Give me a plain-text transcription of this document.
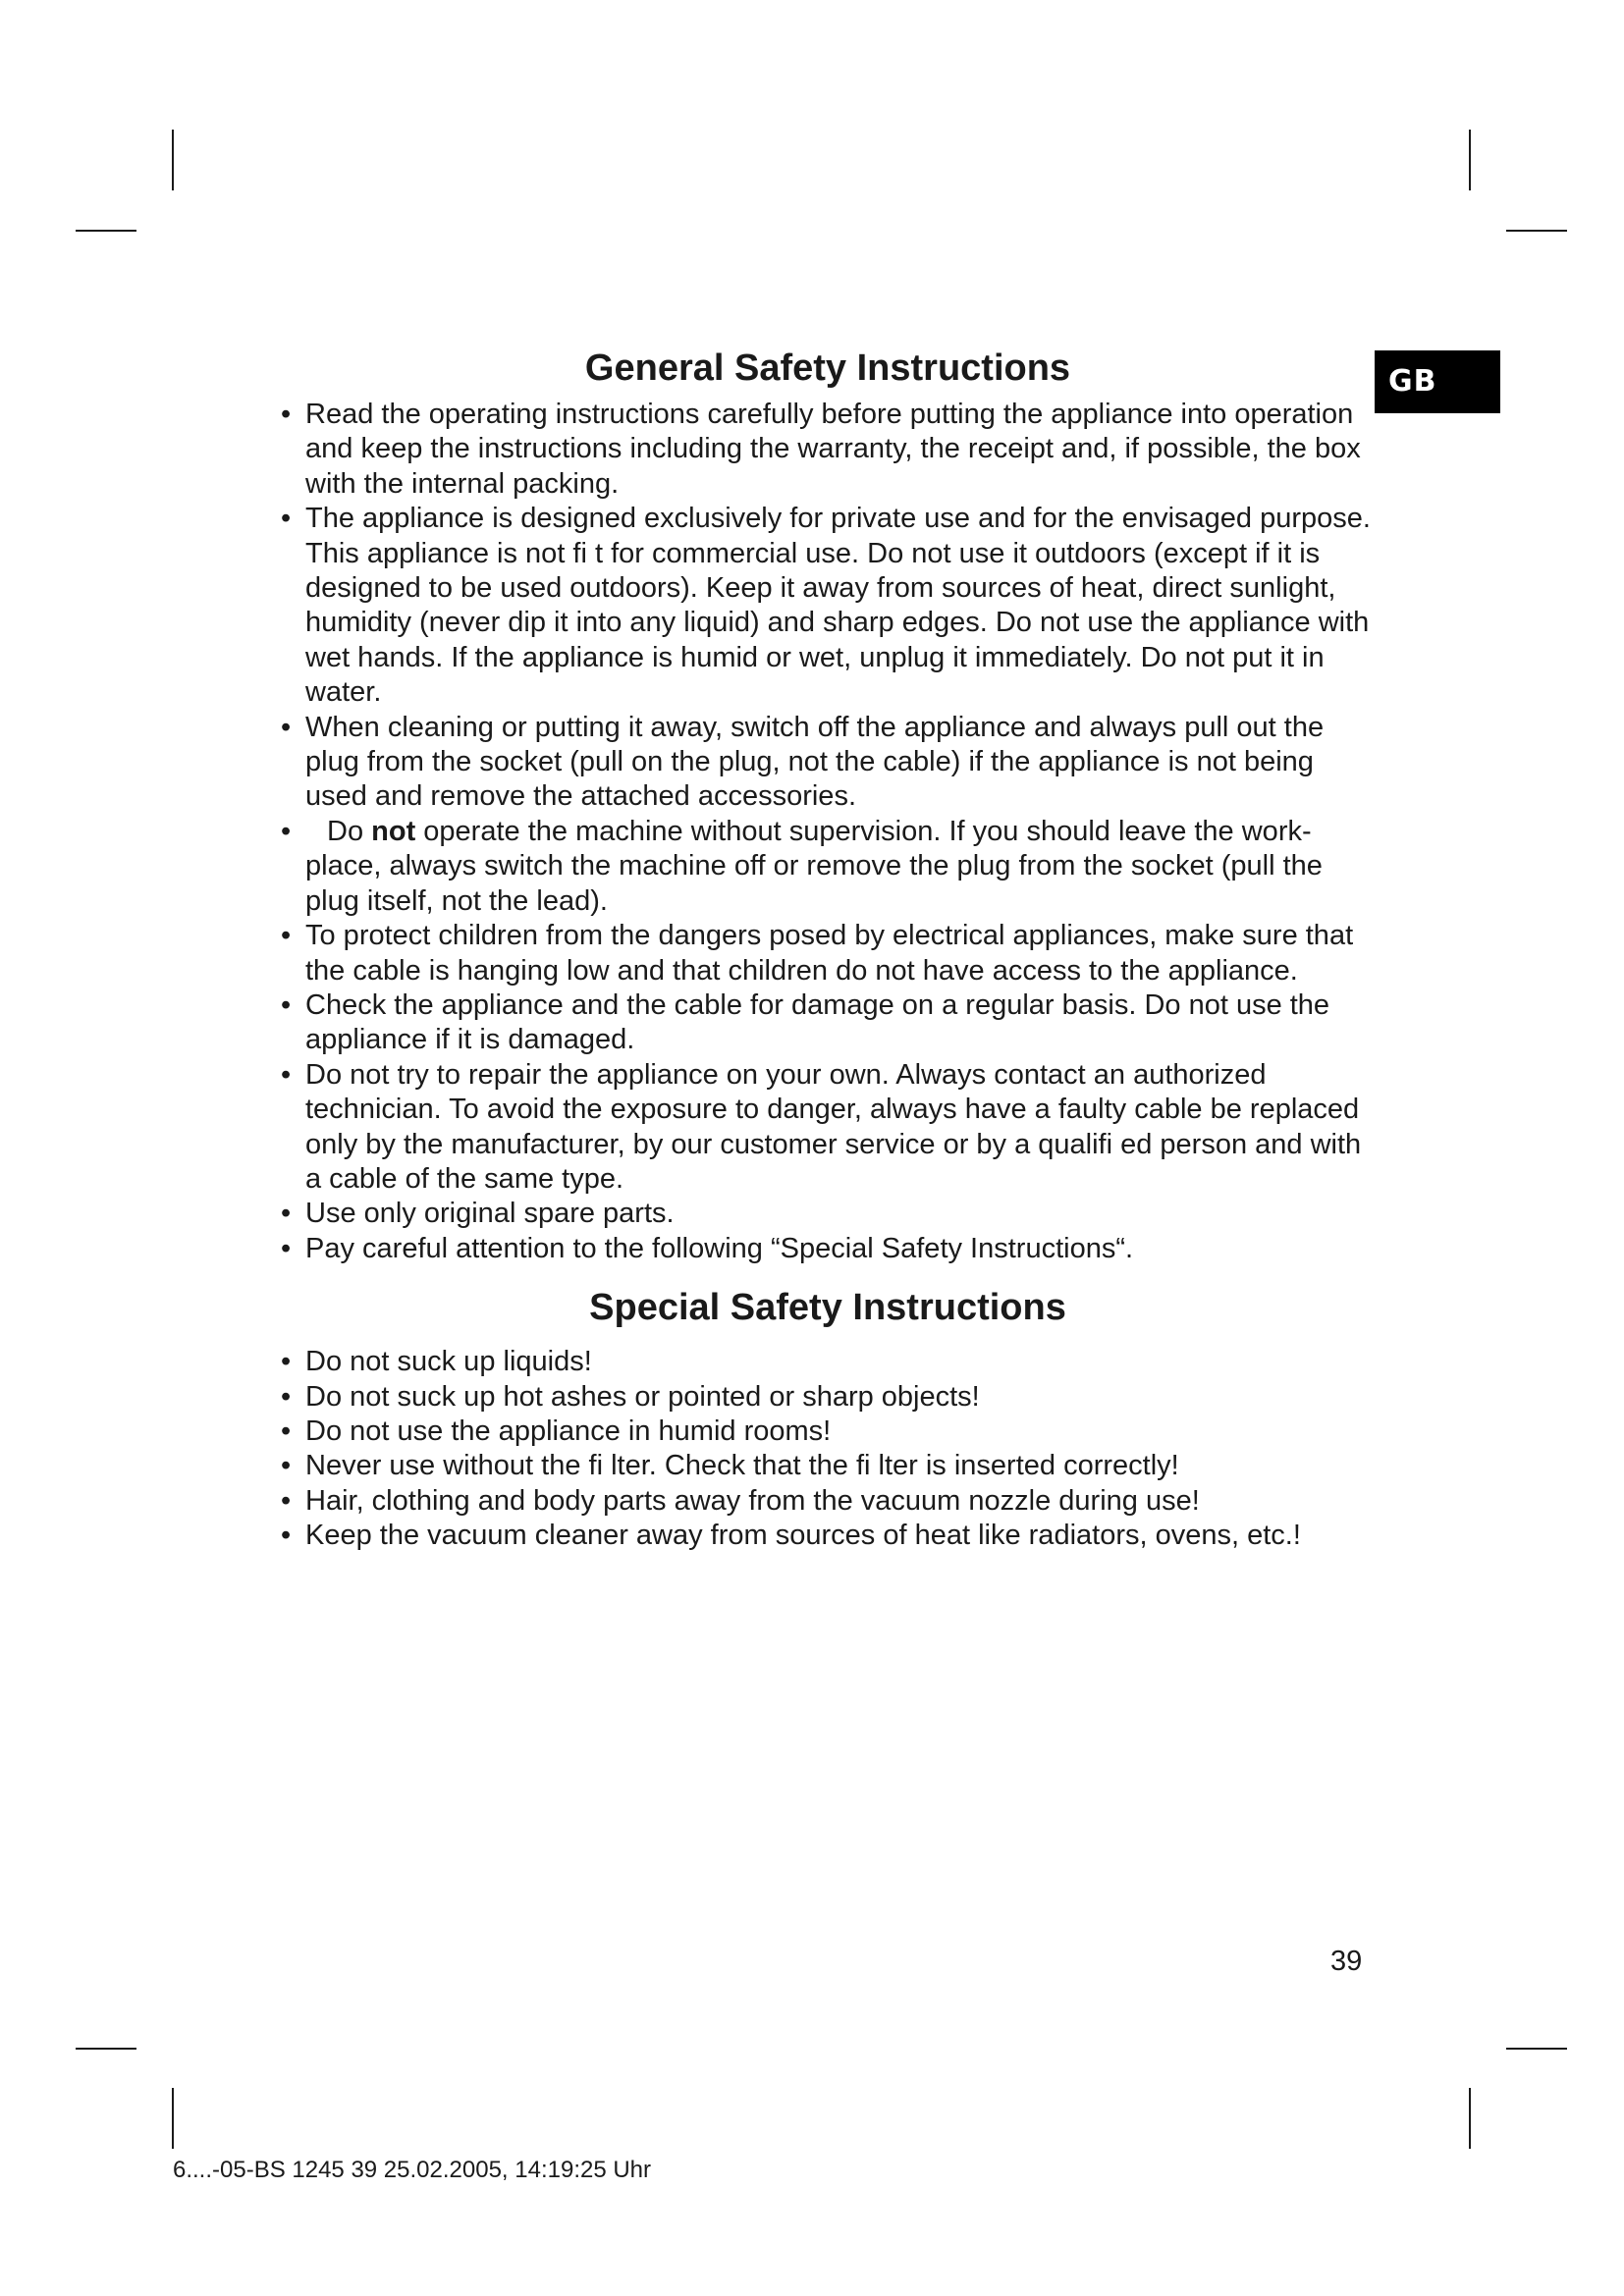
GB
General Safety Instructions
• Read the operating instructions carefully before putting the appliance into operation and keep the instructions including the warranty, the receipt and, if possible, the box with the internal packing.
• The appliance is designed exclusively for private use and for the envisaged purpose. This appliance is not fi t for commercial use. Do not use it outdoors (except if it is designed to be used outdoors). Keep it away from sources of heat, direct sunlight, humidity (never dip it into any liquid) and sharp edges. Do not use the appliance with wet hands. If the appliance is humid or wet, unplug it immediately. Do not put it in water.
• When cleaning or putting it away, switch off the appliance and always pull out the plug from the socket (pull on the plug, not the cable) if the appliance is not being used and remove the attached accessories.
• Do not operate the machine without supervision. If you should leave the work-place, always switch the machine off or remove the plug from the socket (pull the plug itself, not the lead).
• To protect children from the dangers posed by electrical appliances, make sure that the cable is hanging low and that children do not have access to the appliance.
• Check the appliance and the cable for damage on a regular basis. Do not use the appliance if it is damaged.
• Do not try to repair the appliance on your own. Always contact an authorized technician. To avoid the exposure to danger, always have a faulty cable be replaced only by the manufacturer, by our customer service or by a qualifi ed person and with a cable of the same type.
• Use only original spare parts.
• Pay careful attention to the following “Special Safety Instructions“.
Special Safety Instructions
• Do not suck up liquids!
• Do not suck up hot ashes or pointed or sharp objects!
• Do not use the appliance in humid rooms!
• Never use without the fi lter. Check that the fi lter is inserted correctly!
• Hair, clothing and body parts away from the vacuum nozzle during use!
• Keep the vacuum cleaner away from sources of heat like radiators, ovens, etc.!
39
6....-05-BS 1245 39 25.02.2005, 14:19:25 Uhr
